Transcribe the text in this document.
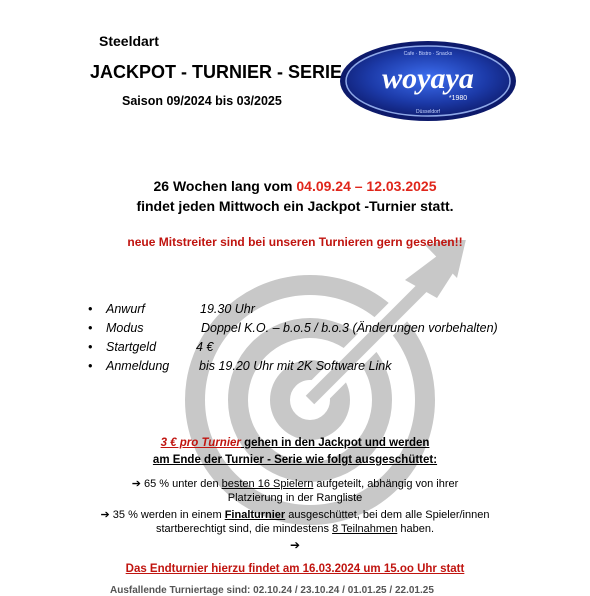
Steeldart
JACKPOT - TURNIER - SERIE
Saison 09/2024 bis 03/2025
Cafe · Bistro · Snacks
woyaya
*1980
Düsseldorf
26 Wochen lang vom 04.09.24 – 12.03.2025
findet jeden Mittwoch ein Jackpot -Turnier statt.
neue Mitstreiter sind bei unseren Turnieren gern gesehen!!
• Anwurf	19.30 Uhr
• Modus	Doppel K.O. – b.o.5 / b.o.3 (Änderungen vorbehalten)
• Startgeld	4 €
• Anmeldung bis 19.20 Uhr mit 2K Software Link
3 € pro Turnier gehen in den Jackpot und werden
am Ende der Turnier - Serie wie folgt ausgeschüttet:
➔ 65 % unter den besten 16 Spielern aufgeteilt, abhängig von ihrer
Platzierung in der Rangliste
➔ 35 % werden in einem Finalturnier ausgeschüttet, bei dem alle Spieler/innen
startberechtigt sind, die mindestens 8 Teilnahmen haben.
➔
Das Endturnier hierzu findet am 16.03.2024 um 15.oo Uhr statt
Ausfallende Turniertage sind: 02.10.24 / 23.10.24 / 01.01.25 / 22.01.25
